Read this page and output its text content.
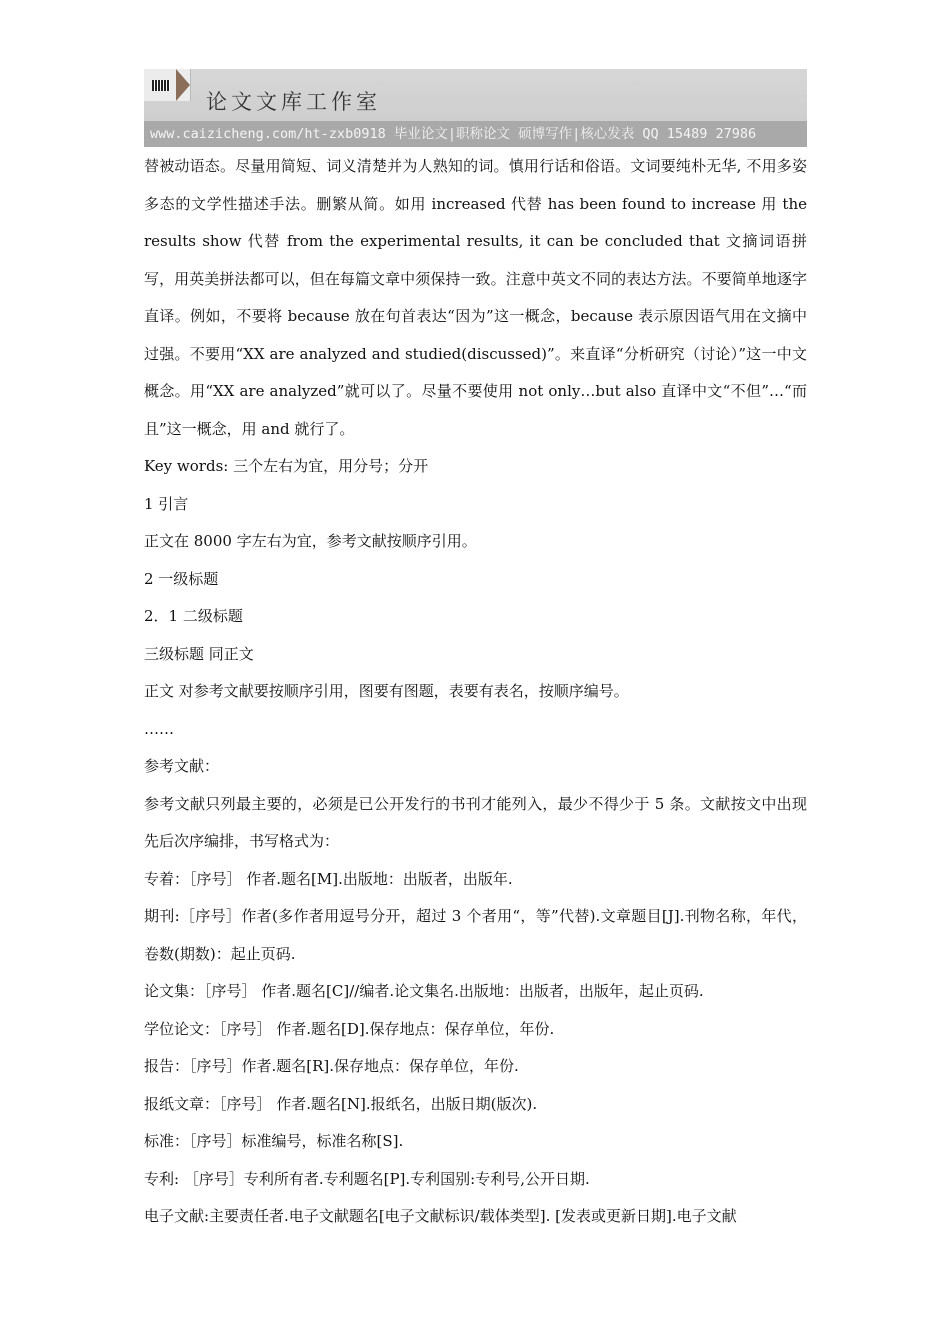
论文文库工作室
www.caizicheng.com/ht-zxb0918 毕业论文|职称论文 硕博写作|核心发表 QQ 15489 27986

替被动语态。尽量用简短、词义清楚并为人熟知的词。慎用行话和俗语。文词要纯朴无华, 不用多姿多态的文学性描述手法。删繁从简。如用 increased 代替 has been found to increase 用 the results show 代替 from the experimental results, it can be concluded that 文摘词语拼写，用英美拼法都可以，但在每篇文章中须保持一致。注意中英文不同的表达方法。不要简单地逐字直译。例如，不要将 because 放在句首表达“因为”这一概念，because 表示原因语气用在文摘中过强。不要用“XX are analyzed and studied(discussed)”。来直译“分析研究（讨论）”这一中文概念。用“XX are analyzed”就可以了。尽量不要使用 not only…but also 直译中文“不但”…“而且”这一概念，用 and 就行了。

Key words: 三个左右为宜，用分号；分开

1 引言

正文在 8000 字左右为宜，参考文献按顺序引用。

2 一级标题

2．1 二级标题

三级标题 同正文

正文 对参考文献要按顺序引用，图要有图题，表要有表名，按顺序编号。

……

参考文献：

参考文献只列最主要的，必须是已公开发行的书刊才能列入，最少不得少于 5 条。文献按文中出现先后次序编排，书写格式为：

专着：［序号］ 作者.题名[M].出版地：出版者，出版年.

期刊:［序号］作者(多作者用逗号分开，超过 3 个者用“，等”代替).文章题目[J].刊物名称，年代，卷数(期数)：起止页码.

论文集：［序号］ 作者.题名[C]//编者.论文集名.出版地：出版者，出版年，起止页码.

学位论文：［序号］ 作者.题名[D].保存地点：保存单位，年份.

报告：［序号］作者.题名[R].保存地点：保存单位，年份.

报纸文章：［序号］ 作者.题名[N].报纸名，出版日期(版次).

标准：［序号］标准编号，标准名称[S].

专利: ［序号］专利所有者.专利题名[P].专利国别:专利号,公开日期.

电子文献:主要责任者.电子文献题名[电子文献标识/载体类型]. [发表或更新日期].电子文献
